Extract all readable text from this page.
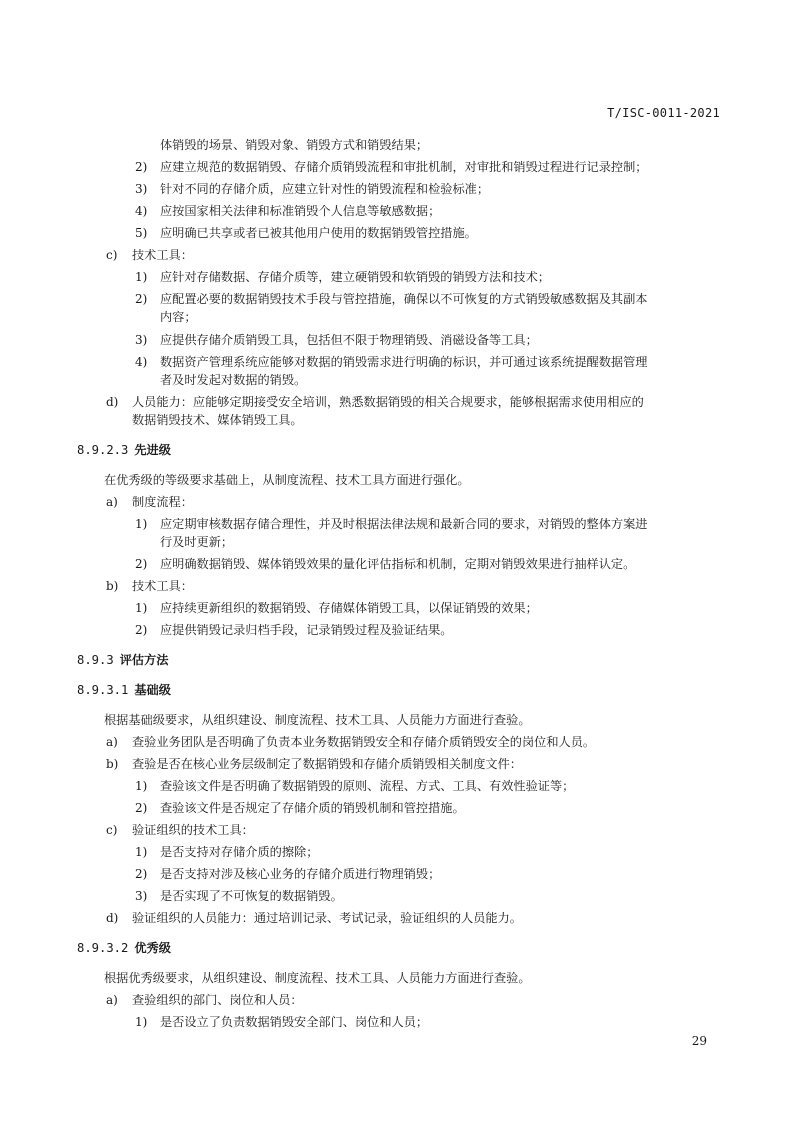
T/ISC-0011-2021
体销毁的场景、销毁对象、销毁方式和销毁结果；
2) 应建立规范的数据销毁、存储介质销毁流程和审批机制，对审批和销毁过程进行记录控制；
3) 针对不同的存储介质，应建立针对性的销毁流程和检验标准；
4) 应按国家相关法律和标准销毁个人信息等敏感数据；
5) 应明确已共享或者已被其他用户使用的数据销毁管控措施。
c) 技术工具：
1) 应针对存储数据、存储介质等，建立硬销毁和软销毁的销毁方法和技术；
2) 应配置必要的数据销毁技术手段与管控措施，确保以不可恢复的方式销毁敏感数据及其副本
内容；
3) 应提供存储介质销毁工具，包括但不限于物理销毁、消磁设备等工具；
4) 数据资产管理系统应能够对数据的销毁需求进行明确的标识，并可通过该系统提醒数据管理
者及时发起对数据的销毁。
d) 人员能力：应能够定期接受安全培训，熟悉数据销毁的相关合规要求，能够根据需求使用相应的
数据销毁技术、媒体销毁工具。
8.9.2.3 先进级
在优秀级的等级要求基础上，从制度流程、技术工具方面进行强化。
a) 制度流程：
1) 应定期审核数据存储合理性，并及时根据法律法规和最新合同的要求，对销毁的整体方案进
行及时更新；
2) 应明确数据销毁、媒体销毁效果的量化评估指标和机制，定期对销毁效果进行抽样认定。
b) 技术工具：
1) 应持续更新组织的数据销毁、存储媒体销毁工具，以保证销毁的效果；
2) 应提供销毁记录归档手段，记录销毁过程及验证结果。
8.9.3 评估方法
8.9.3.1 基础级
根据基础级要求，从组织建设、制度流程、技术工具、人员能力方面进行查验。
a) 查验业务团队是否明确了负责本业务数据销毁安全和存储介质销毁安全的岗位和人员。
b) 查验是否在核心业务层级制定了数据销毁和存储介质销毁相关制度文件：
1) 查验该文件是否明确了数据销毁的原则、流程、方式、工具、有效性验证等；
2) 查验该文件是否规定了存储介质的销毁机制和管控措施。
c) 验证组织的技术工具：
1) 是否支持对存储介质的擦除；
2) 是否支持对涉及核心业务的存储介质进行物理销毁；
3) 是否实现了不可恢复的数据销毁。
d) 验证组织的人员能力：通过培训记录、考试记录，验证组织的人员能力。
8.9.3.2 优秀级
根据优秀级要求，从组织建设、制度流程、技术工具、人员能力方面进行查验。
a) 查验组织的部门、岗位和人员：
1) 是否设立了负责数据销毁安全部门、岗位和人员；
29
